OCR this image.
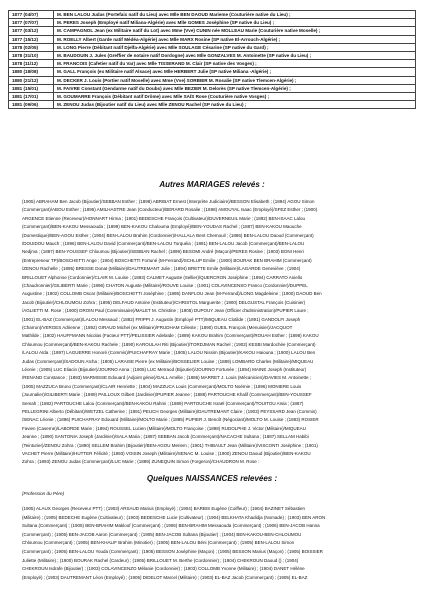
1877 (04/07)	M. BEN LALOU Judas (Portefaix natif du Lieu) avec Mlle BEN DAOUD Marieme (Couturière native du Lieu) ;
1877 (07/07)	M. PERES Joseph (Employé natif Miliana-Algérie) avec Mlle GOMES Joséphine (SP native du Lieu) ;
1877 (03/12)	M. CAMPAGNOL Jean (ex Militaire natif du Lot) avec Mme (Vve) CUNIN née MOLLEAU Marie (Couturière native Moselle) ;
1877 (15/12)	M. ROELLY Albert (Garde natif Médéa-Algérie) avec Mlle MARX Rosine (SP native El-Arrouch-Algérie) ;
1878 (02/05)	M. LONG Pierre (Débitant natif Djelfa-Algérie) avec Mlle SOULAGE Césarine (SP native du Gard) ;
1878 (31/10)	M. BAUDOUIN J. Jules (Greffier de notaire natif Dordogne) avec Mlle GONZALVES M. Antoinette (SP native du Lieu) ;
1878 (11/12)	M. FRANCOIS (Cafetier natif du Var) avec Mlle TISSERAND M. Clair (SP native des Vosges) ;
1880 (18/08)	M. GALL François (ex Militaire natif Alsace) avec Mlle HERBERT Julie (SP native Miliana -Algérie) ;
1880 (21/12)	M. DECKER J. Louis (Portier natif Moselle) avec Mme (Vve) SORBIER M. Rosalie (SP native Tlemcen-Algérie) ;
1881 (15/01)	M. FAIVRE Constant (Gendarme natif du Doubs) avec Mlle BEZIER M. Delorès (SP native Tlemcen-Algérie) ;
1881 (17/01)	M. GOUMARRE François (Débitant natif Drôme) avec Mlle SAÏS Rose (Couturière native Vosges) ;
1881 (09/06)	M. ZENOU Judas (Bijoutier natif du Lieu) avec Mlle ZENOU Rachel (SP native du Lieu) ;
Autres MARIAGES relevés :

(1905) ABRAHAM Ben Jacob (Bijoutier)/SEBBAN Esther ; (1898) ABRIBAT Ernest (Interprète Judiciaire)/BESSON Elisabeth ; (1894) AGOU Simon

(Commerçant)/ABOU Esther ; (1895) AMILHASTRE Jean (Conducteur)/BERARD Rosalie ; (1898) AMOUYAL Isaac (Employé)/SFEZ Esther ; (1900)

ARGENCE Etienne (Receveur)/HONNART Hirma ; (1901) BEDESCHE François (Cultivateur)/DUVERNEUIL Marie ; (1892) BEN-ISAAC Lalou

(Commerçant)/BEN-KAKOU Messaouda ; (1899) BEN-KAKOU Chalouma (Employé)/BEN-YOUDAS Rachel ; (1887) BEN-KAKOU Maouche

(Domestique)/BEN-AGOU Esther ; (1904) BEN-LALOU Brahim (Cordonnier)/HALLALA Bent Chemouil ; (1886) BEN-LALOU Daoud (Commerçant)

/DOUIDOU Mauch ; (1896) BEN-LALOU David (Commerçant)/BEN-LALOU Torquéia ; (1881) BEN-LALOU Jacob (Commerçant)/BEN-LALOU

Nedjma ; (1887) BEN-YOUSSEF Chloumou (Bijoutier)/SEBBAN Rachel ; (1899) BESOMI André (Maçon)/PERES Rosine ; (1903) BONI Henri

(Entrepreneur TP)/BOSCHETTI Ange ; (1904) BOSCHETTI Fortuné (M-Ferrand)/SCHLUP Emilie ; (1900) BOURAK BEN BRAHIM (Commerçant)

/ZENOU Rachelle ; (1895) BRESSE Donat (Militaire)/DAUTREMANT Julie ; (1894) BRETTE Emile (Militaire)/LAGARDE Geneviève ; (1904)

BRILLOUET Alphonse (Cordonnier)/CLAIR M. Louise ; (1893) CALMET Auguste (Sellier)/QUERCRON Joséphine ; (1894) CARRATO Aniello

(Chaudronnier)/GILIBERTI Marie ; (1896) CHATON Auguste (Militaire)/ROUVE Louise ; (1901) COLAVINCENSO Franco (Cordonnier)/DUPPEL

Augustine ; (1902) COLLOMB Oscar (Militaire)/BOSCHETTI Joséphine ; (1895) DANFLOU Jean (M-Ferrand)/LONG Magdeleine ; (1900) DAOUD Ben

Jacob (Bijoutier)/CHLOUMOU Zohra ; (1895) DELFAUD Antoine (Instituteur)/CHRISTOL Marguerite ; (1900) DELGUSTAL François (Cuisinier)

/AGLIETTI M. Rose ; (1900) DROIN Paul (Commissaire)/MALET M. Christine ; (1905) DUPOUY Jean (Officier d'administration)/PUPIER Laure ;

(1901) EL-BAZ (Commerçant)/LALOU Messaud ; (1882) FRIPPI J. Augustin (Employé PTT)/MIQUEAU Clotilde ; (1891) GANDOLFI Joseph

(Charron)/VERGES Adrienne ; (1892) GIRAUD Michel (ex Militaire)/FRUDHAM Céleste ; (1890) GUEIL François (Menuisier)/JACQUOT

Mathilde ; (1902) HAUFFMANN Nicolas (Facteur PTT)/PELISSIER Adelaïde ; (1889) KAKOU Brahim (Commerçant)/ROUAH Esther ; (1898) KAKOU

Chloumou (Commerçant)/BEN-KAKOU Rachele ; (1890) KAROULAH Riti (Bijoutier)/TORDJMAN Rachel ; (1902) KESBI Mardochée (Commerçant)

/LALOU Aïda ; (1897) LAGUERRE Honoré (Commis)/PUICHAFRAY Marie ; (1905) LALOU Nissim (Bijoutier)/KAKOU Haiouna ; (1900) LALOU Ben

Judas (Commerçant)/SADOUN Aïcha ; (1905) LARAISE Pierre (ex Militaire)/BOSSELIER Louise ; (1889) LOMBARD Charles (Militaire)/MIQUEAU

Léonie ; (1905) LUC Eliacin (Bijoutier)/JOURNO Anna ; (1905) LUC Meïraod (Bijoutier)/JOURNO Fortunée ; (1894) MAINE Joseph (Instituteur)

/RENAND Constance ; (1893) MARMISSE Edouard (Adjoint génie)/GALL Amélie ; (1886) MARRET J. Louis (Mécanicien)/DAVIES M. Antoinette ;

(1905) MAZZUCA Bruno (Commerçant)/CLAIR Henriette ; (1904) MAZZUCA Louis (Commerçant)/MOLTO Noémie ; (1896) MONIERE Louis

(Journalier)/GILIBERTI Marie ; (1889) PAILLOUX Gilbert (Jardinier)/PUPIER Jeanne ; (1888) PARTOUCHE Khalif (Commerçant)/BEN-YOUSSEF

Semah ; (1882) PARTOUCHE Lalou (Commerçant)/BEN-KAKOU Rahmi ; (1889) PARTOUCHE Israël (Commerçant)/TOUITOU Aïsia ; (1887)

PELLEGRINI Alberto (Débitant)/WETZEL Catherine ; (1891) PEUCH Georges (Militaire)/DAUTREMANT Claire ; (1903) PEYSSARD Jean (Commis)

/SENAC Léonie ; (1896) PUICHAFRAY Edouard (Militaire)/MOLTO Marie ; (1885) PUPIER J. Benoît (Négociant)/MOLTO M. Louise ; (1883) ROSIER

Favien (Caserne)/LABORDE Marie ; (1894) ROUSSEL Lucien (Militaire)/MOLTO Françoise ; (1898) RUDOLPHE J. Victor (Militaire)/MIQUEAU

Jeanne ; (1890) SANTONIA Joseph (Jardinier)/SALA Maria ; (1887) SEBBAN Jacob (Commerçant)/NACACHE Sultana ; (1887) SELLAM Habibi

(Teinturier)/ZENOU Zohra ; (1890) SELLEM Brahim (Bijoutier)/BEN-AGOU Meriem ; (1901) THIBAULT Jean (Militaire)/VISCONTI Joséphine ; (1901)

VACHET Pierre (Militaire)/HUTTER Félicité ; (1893) VOISIN Joseph (Militaire)/SENAC M. Louise ; (1900) ZENOU Daoud (Bijoutier)/BEN-KAKOU

Zohra ; (1893) ZENOU Judas (Commerçant)/LUC Marie ; (1889) ZUNEQUIN Simon (Forgeron)/CHAUDRON M. Rose :

Quelques NAISSANCES relevées :
(Profession du Père)

(1905) ALAUX Georges (Receveur PTT) ; (1903) ARSAUD Marius (Employé) ; (1904) BARBIS Eugène (Coiffeur) ; (1904) BAZINET Sébastien

(Militaire) ; (1905) BEDECHE Eugène (Cultivateur) ; (1903) BEDESCHE Lucie (Cultivateur) ; (1904) BELKHATA Khadidja (Nomade) ; (1903) BEN ARON

Sultana (Commerçant) ; (1905) BEN-BRAHIM Makloof (Commerçant) ; (1906) BEN-BRAHIM Messaouda (Commerçant) ; (1906) BEN-JACOB Hanna

(Commerçant) ; (1905) BEN-JACOB Aaron (Commerçant) ; (1905) BEN-JACOB Sultana (Bijoutier) ; (1904) BEN-KAKOU-BEN-CHLOUMOU

Chloumou (Commerçant) ; (1905) BEN-KHALIF Brahim (Minotier) ; (1905) BEN-LALOU Béni (Commerçant) ; (1905) BEN-LALOU Simon

(Commerçant) ; (1905) BEN-LALOU Youda (Commerçant) ; (1905) BESSON Joséphine (Maçon) ; (1905) BESSON Marius (Maçon) ; (1905) BOISSIER

Juliette (Militaire) ; (1900) BOURAK Rachel (Cardeur) ; (1905) BRILLOUET M. Berthe (Cordonnier) ; (1904) CHEKROUN Daoud () ; (1904)

CHEKROUN Isdrafe (Bijoutier) ; (1903) COLAVINCENZO Mélanie (Cordonnier) ; (1903) COLLOMB Yvonne (Militaire) ; (1904) DANET Hélène

(Employé) ; (1903) DAUTREMANT Léon (Employé) ; (1905) DIDELOT Marcel (Militaire) ; (1903) EL-BAZ Jacob (Commerçant) ; (1905) EL-BAZ
